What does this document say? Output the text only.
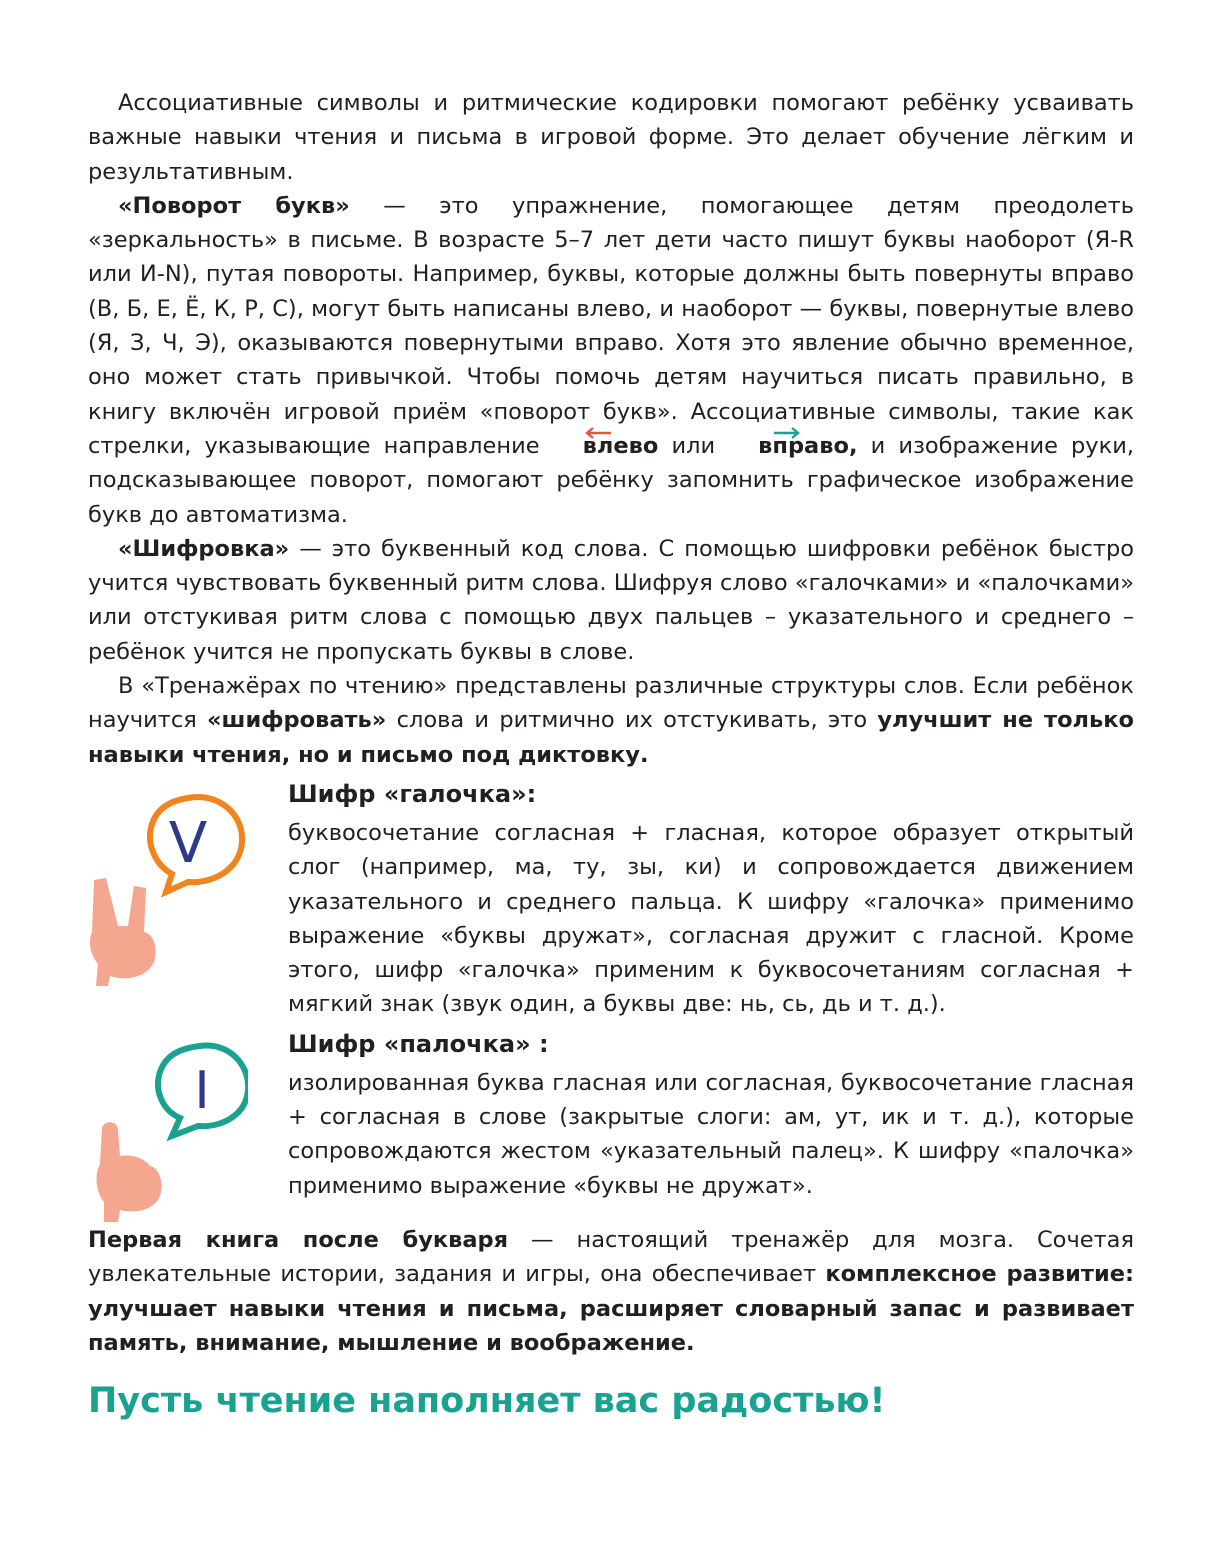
Ассоциативные символы и ритмические кодировки помогают ребёнку усваивать важные навыки чтения и письма в игровой форме. Это делает обучение лёгким и результативным.

«Поворот букв» — это упражнение, помогающее детям преодолеть «зеркальность» в письме. В возрасте 5–7 лет дети часто пишут буквы наоборот (Я-R или И-N), путая повороты. Например, буквы, которые должны быть повернуты вправо (В, Б, Е, Ё, К, Р, С), могут быть написаны влево, и наоборот — буквы, повернутые влево (Я, З, Ч, Э), оказываются повернутыми вправо. Хотя это явление обычно временное, оно может стать привычкой. Чтобы помочь детям научиться писать правильно, в книгу включён игровой приём «поворот букв». Ассоциативные символы, такие как стрелки, указывающие направление
влево или
вправо, и изображение руки, подсказывающее поворот, помогают ребёнку запомнить графическое изображение букв до автоматизма.

«Шифровка» — это буквенный код слова. С помощью шифровки ребёнок быстро учится чувствовать буквенный ритм слова. Шифруя слово «галочками» и «палочками» или отстукивая ритм слова с помощью двух пальцев – указательного и среднего – ребёнок учится не пропускать буквы в слове.

В «Тренажёрах по чтению» представлены различные структуры слов. Если ребёнок научится «шифровать» слова и ритмично их отстукивать, это улучшит не только навыки чтения, но и письмо под диктовку.

V

Шифр «галочка»:

буквосочетание согласная + гласная, которое образует открытый слог (например, ма, ту, зы, ки) и сопровождается движением указательного и среднего пальца. К шифру «галочка» применимо выражение «буквы дружат», согласная дружит с гласной. Кроме этого, шифр «галочка» применим к буквосочетаниям согласная + мягкий знак (звук один, а буквы две: нь, сь, дь и т. д.).

I

Шифр «палочка» :

изолированная буква гласная или согласная, буквосочетание гласная + согласная в слове (закрытые слоги: ам, ут, ик и т. д.), которые сопровождаются жестом «указательный палец». К шифру «палочка» применимо выражение «буквы не дружат».

Первая книга после букваря — настоящий тренажёр для мозга. Сочетая увлекательные истории, задания и игры, она обеспечивает комплексное развитие: улучшает навыки чтения и письма, расширяет словарный запас и развивает память, внимание, мышление и воображение.

Пусть чтение наполняет вас радостью!
